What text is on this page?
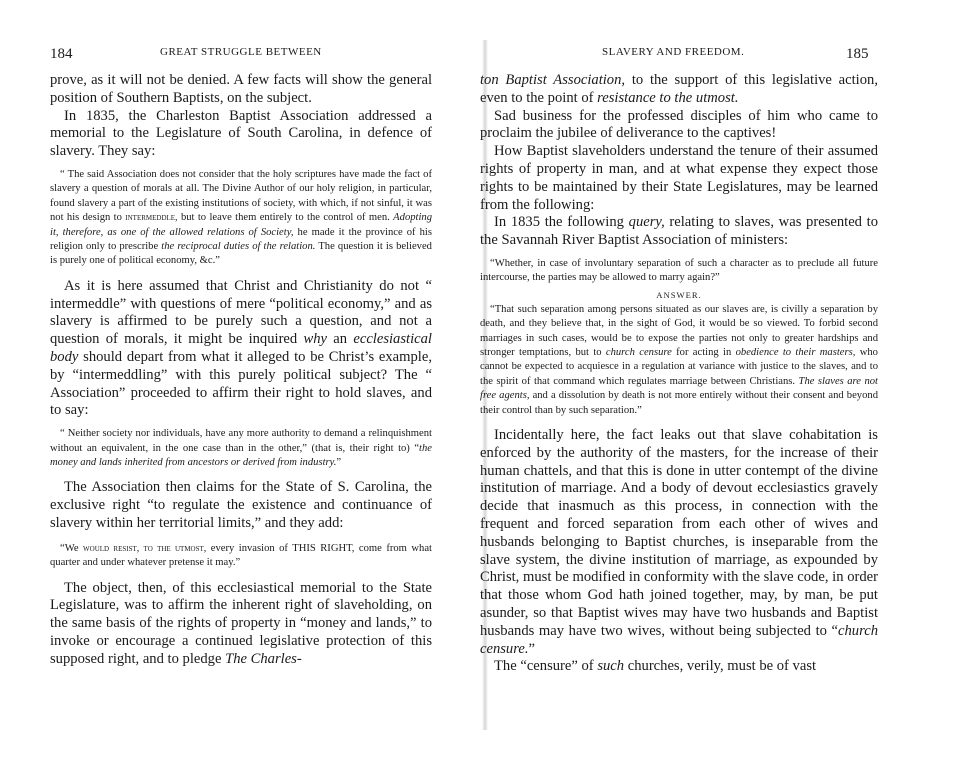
184	GREAT STRUGGLE BETWEEN

prove, as it will not be denied. A few facts will show the general position of Southern Baptists, on the subject.

In 1835, the Charleston Baptist Association addressed a memorial to the Legislature of South Carolina, in defence of slavery. They say:

“ The said Association does not consider that the holy scriptures have made the fact of slavery a question of morals at all. The Divine Author of our holy religion, in particular, found slavery a part of the existing institutions of society, with which, if not sinful, it was not his design to intermeddle, but to leave them entirely to the control of men. Adopting it, therefore, as one of the allowed relations of Society, he made it the province of his religion only to prescribe the reciprocal duties of the relation. The question it is believed is purely one of political economy, &c.”

As it is here assumed that Christ and Christianity do not “ intermeddle” with questions of mere “political economy,” and as slavery is affirmed to be purely such a question, and not a question of morals, it might be inquired why an ecclesiastical body should depart from what it alleged to be Christ’s example, by “intermeddling” with this purely political subject? The “ Association” proceeded to affirm their right to hold slaves, and to say:

“ Neither society nor individuals, have any more authority to demand a relinquishment without an equivalent, in the one case than in the other,” (that is, their right to) “the money and lands inherited from ancestors or derived from industry.”

The Association then claims for the State of S. Carolina, the exclusive right “to regulate the existence and continuance of slavery within her territorial limits,” and they add:

“We would resist, to the utmost, every invasion of THIS RIGHT, come from what quarter and under whatever pretense it may.”

The object, then, of this ecclesiastical memorial to the State Legislature, was to affirm the inherent right of slaveholding, on the same basis of the rights of property in “money and lands,” to invoke or encourage a continued legislative protection of this supposed right, and to pledge The Charles-

SLAVERY AND FREEDOM.	185

ton Baptist Association, to the support of this legislative action, even to the point of resistance to the utmost.

Sad business for the professed disciples of him who came to proclaim the jubilee of deliverance to the captives!

How Baptist slaveholders understand the tenure of their assumed rights of property in man, and at what expense they expect those rights to be maintained by their State Legislatures, may be learned from the following:

In 1835 the following query, relating to slaves, was presented to the Savannah River Baptist Association of ministers:

“Whether, in case of involuntary separation of such a character as to preclude all future intercourse, the parties may be allowed to marry again?”

ANSWER.

“That such separation among persons situated as our slaves are, is civilly a separation by death, and they believe that, in the sight of God, it would be so viewed. To forbid second marriages in such cases, would be to expose the parties not only to greater hardships and stronger temptations, but to church censure for acting in obedience to their masters, who cannot be expected to acquiesce in a regulation at variance with justice to the slaves, and to the spirit of that command which regulates marriage between Christians. The slaves are not free agents, and a dissolution by death is not more entirely without their consent and beyond their control than by such separation.”

Incidentally here, the fact leaks out that slave cohabitation is enforced by the authority of the masters, for the increase of their human chattels, and that this is done in utter contempt of the divine institution of marriage. And a body of devout ecclesiastics gravely decide that inasmuch as this process, in connection with the frequent and forced separation from each other of wives and husbands belonging to Baptist churches, is inseparable from the slave system, the divine institution of marriage, as expounded by Christ, must be modified in conformity with the slave code, in order that those whom God hath joined together, may, by man, be put asunder, so that Baptist wives may have two husbands and Baptist husbands may have two wives, without being subjected to “church censure.”

The “censure” of such churches, verily, must be of vast
